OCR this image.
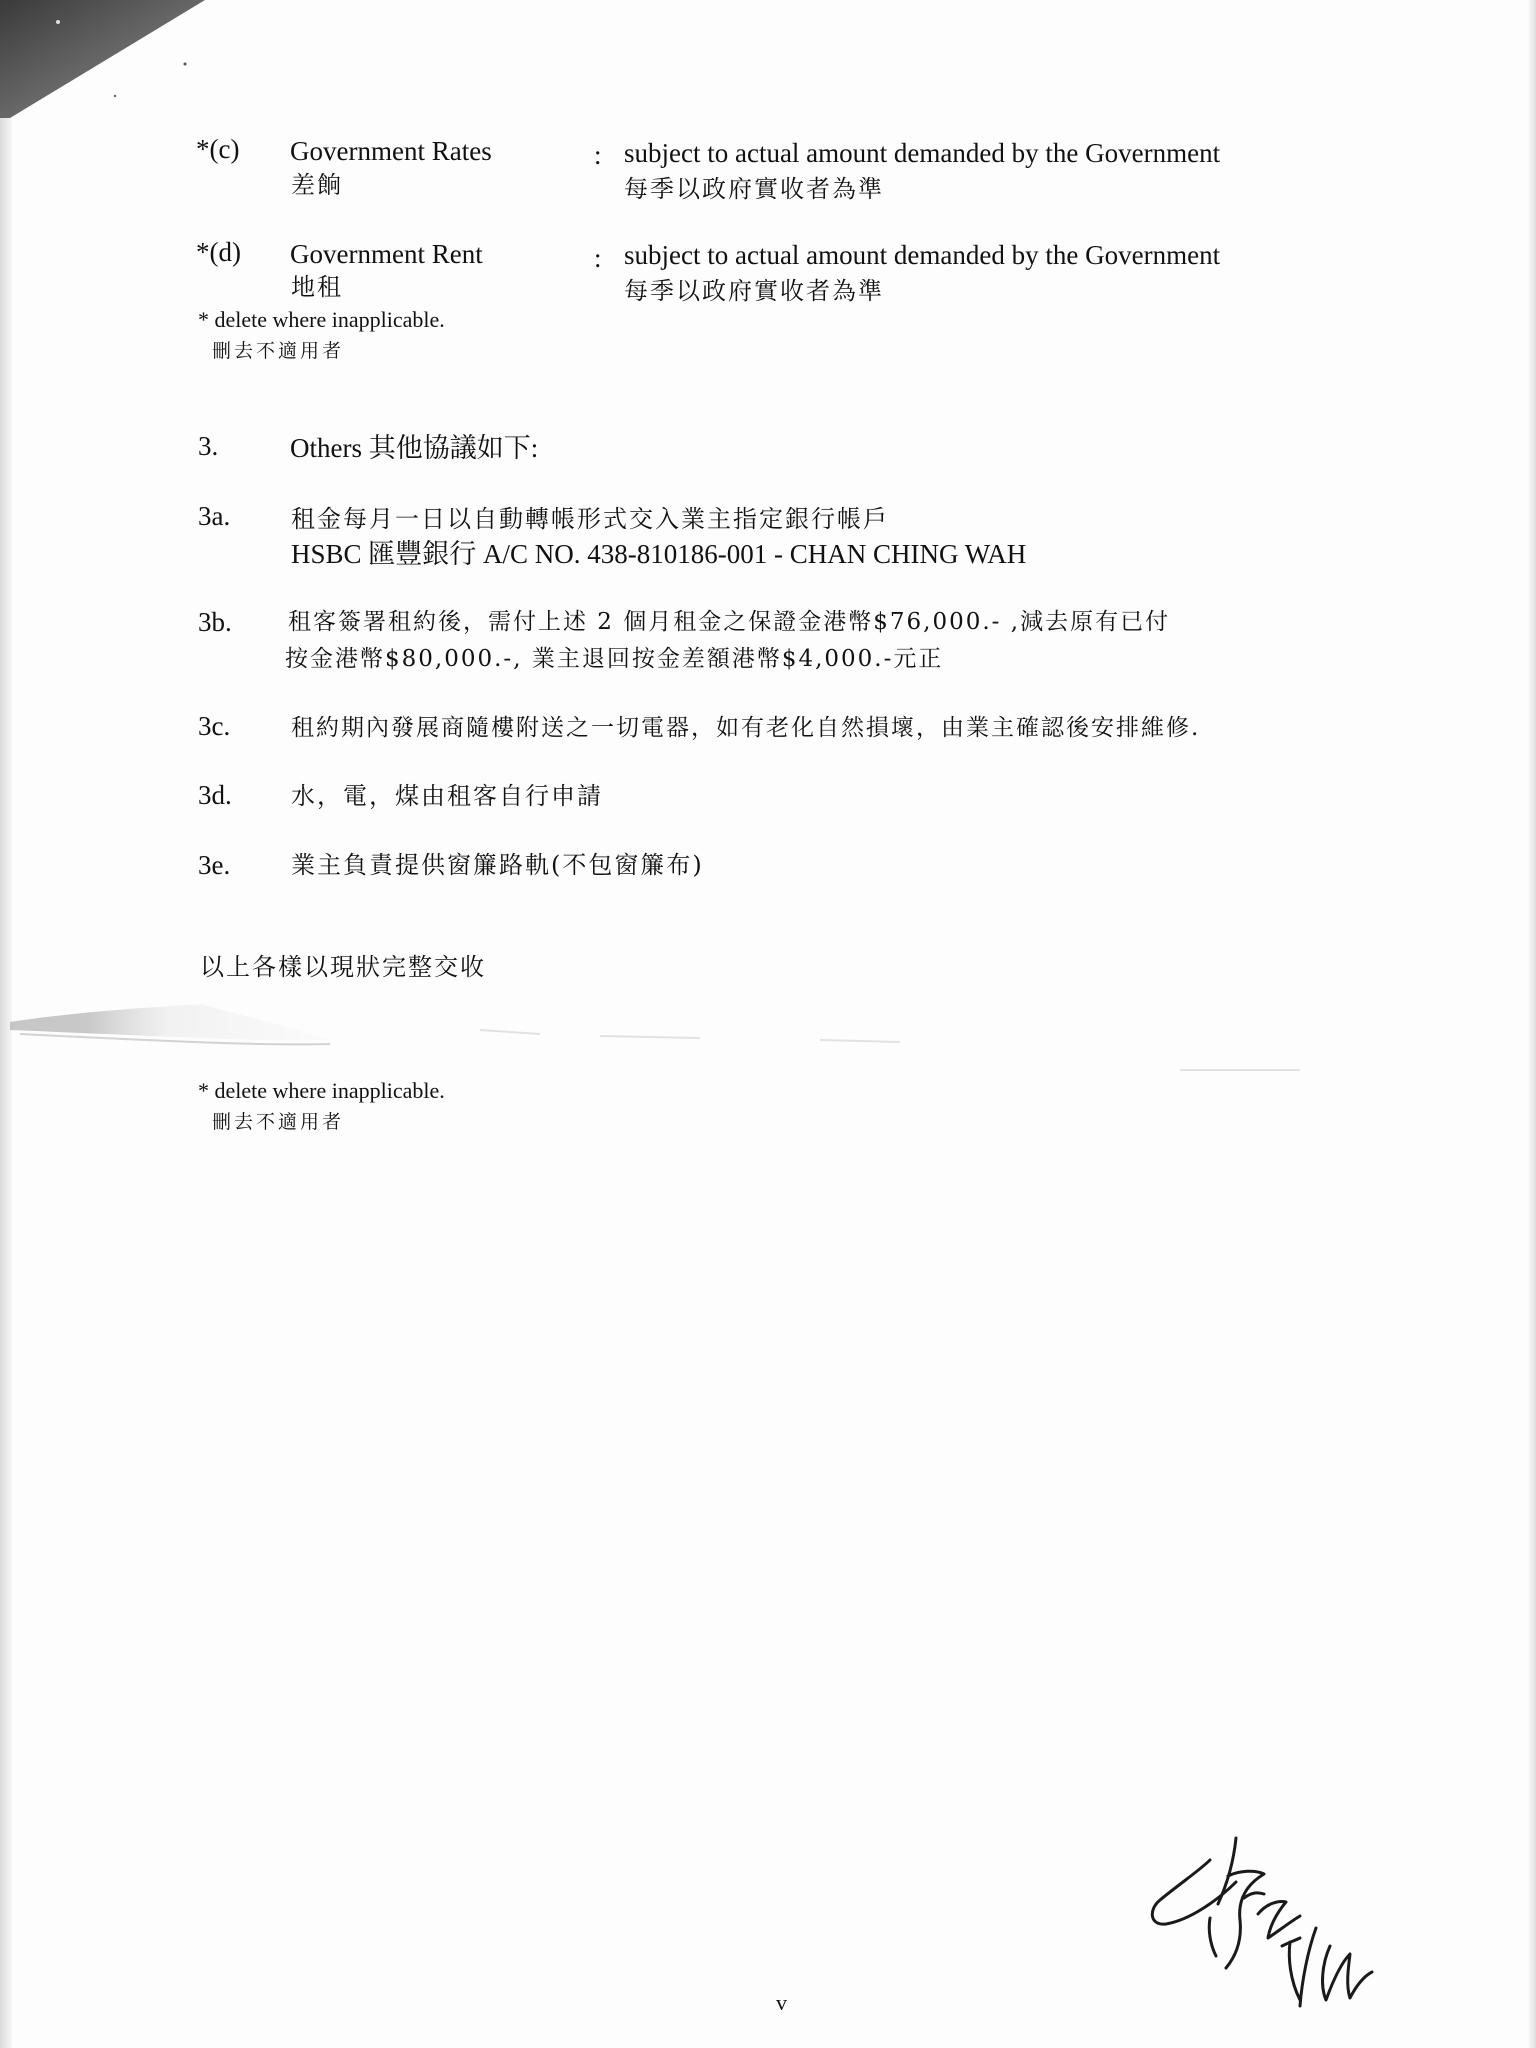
*(c) Government Rates
差餉
: subject to actual amount demanded by the Government
每季以政府實收者為準
*(d) Government Rent
地租
: subject to actual amount demanded by the Government
每季以政府實收者為準
* delete where inapplicable.
刪去不適用者
3.	Others 其他協議如下:
3a.	租金每月一日以自動轉帳形式交入業主指定銀行帳戶
HSBC 匯豐銀行 A/C NO. 438-810186-001 - CHAN CHING WAH
3b. 租客簽署租約後，需付上述 2 個月租金之保證金港幣$76,000.- ,減去原有已付
按金港幣$80,000.-, 業主退回按金差額港幣$4,000.-元正
3c.	租約期內發展商隨樓附送之一切電器，如有老化自然損壞，由業主確認後安排維修.
3d. 水，電，煤由租客自行申請
3e.	業主負責提供窗簾路軌(不包窗簾布)
以上各樣以現狀完整交收
* delete where inapplicable.
刪去不適用者
v
